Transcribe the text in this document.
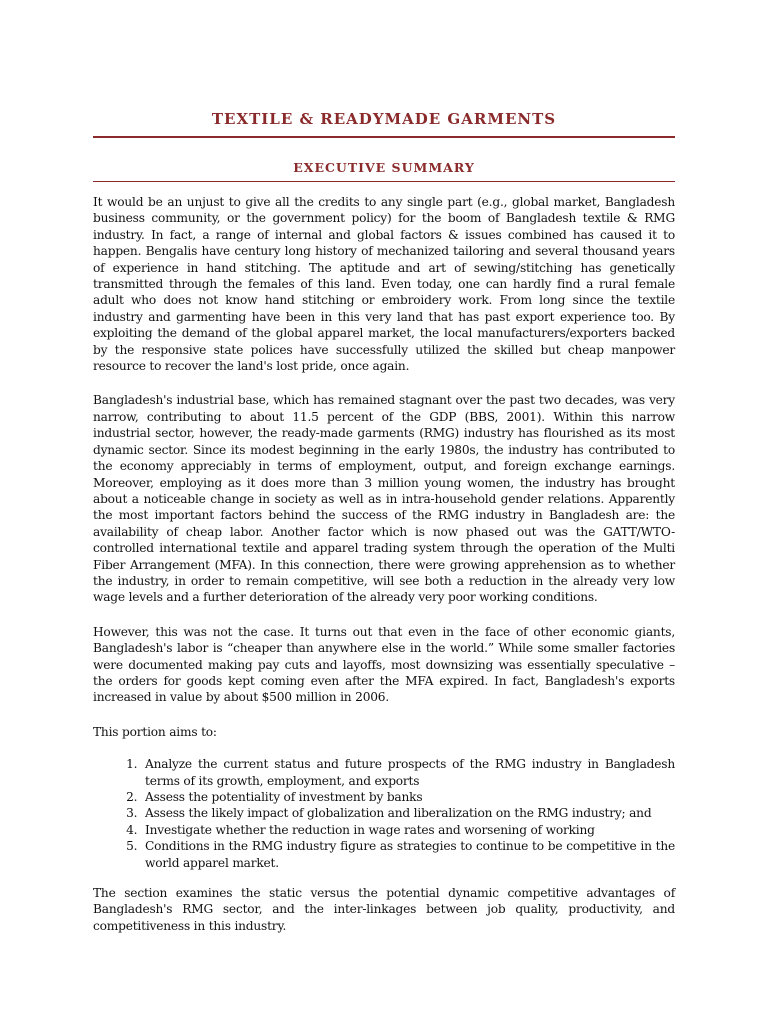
TEXTILE & READYMADE GARMENTS
EXECUTIVE SUMMARY

It would be an unjust to give all the credits to any single part (e.g., global market, Bangladesh business community, or the government policy) for the boom of Bangladesh textile & RMG industry. In fact, a range of internal and global factors & issues combined has caused it to happen. Bengalis have century long history of mechanized tailoring and several thousand years of experience in hand stitching. The aptitude and art of sewing/stitching has genetically transmitted through the females of this land. Even today, one can hardly find a rural female adult who does not know hand stitching or embroidery work. From long since the textile industry and garmenting have been in this very land that has past export experience too. By exploiting the demand of the global apparel market, the local manufacturers/exporters backed by the responsive state polices have successfully utilized the skilled but cheap manpower resource to recover the land's lost pride, once again.

Bangladesh's industrial base, which has remained stagnant over the past two decades, was very narrow, contributing to about 11.5 percent of the GDP (BBS, 2001). Within this narrow industrial sector, however, the ready-made garments (RMG) industry has flourished as its most dynamic sector. Since its modest beginning in the early 1980s, the industry has contributed to the economy appreciably in terms of employment, output, and foreign exchange earnings. Moreover, employing as it does more than 3 million young women, the industry has brought about a noticeable change in society as well as in intra-household gender relations. Apparently the most important factors behind the success of the RMG industry in Bangladesh are: the availability of cheap labor. Another factor which is now phased out was the GATT/WTO-controlled international textile and apparel trading system through the operation of the Multi Fiber Arrangement (MFA). In this connection, there were growing apprehension as to whether the industry, in order to remain competitive, will see both a reduction in the already very low wage levels and a further deterioration of the already very poor working conditions.

However, this was not the case. It turns out that even in the face of other economic giants, Bangladesh's labor is “cheaper than anywhere else in the world.” While some smaller factories were documented making pay cuts and layoffs, most downsizing was essentially speculative – the orders for goods kept coming even after the MFA expired. In fact, Bangladesh's exports increased in value by about $500 million in 2006.

This portion aims to:

1. Analyze the current status and future prospects of the RMG industry in Bangladesh terms of its growth, employment, and exports
2. Assess the potentiality of investment by banks
3. Assess the likely impact of globalization and liberalization on the RMG industry; and
4. Investigate whether the reduction in wage rates and worsening of working
5. Conditions in the RMG industry figure as strategies to continue to be competitive in the world apparel market.

The section examines the static versus the potential dynamic competitive advantages of Bangladesh's RMG sector, and the inter-linkages between job quality, productivity, and competitiveness in this industry.
